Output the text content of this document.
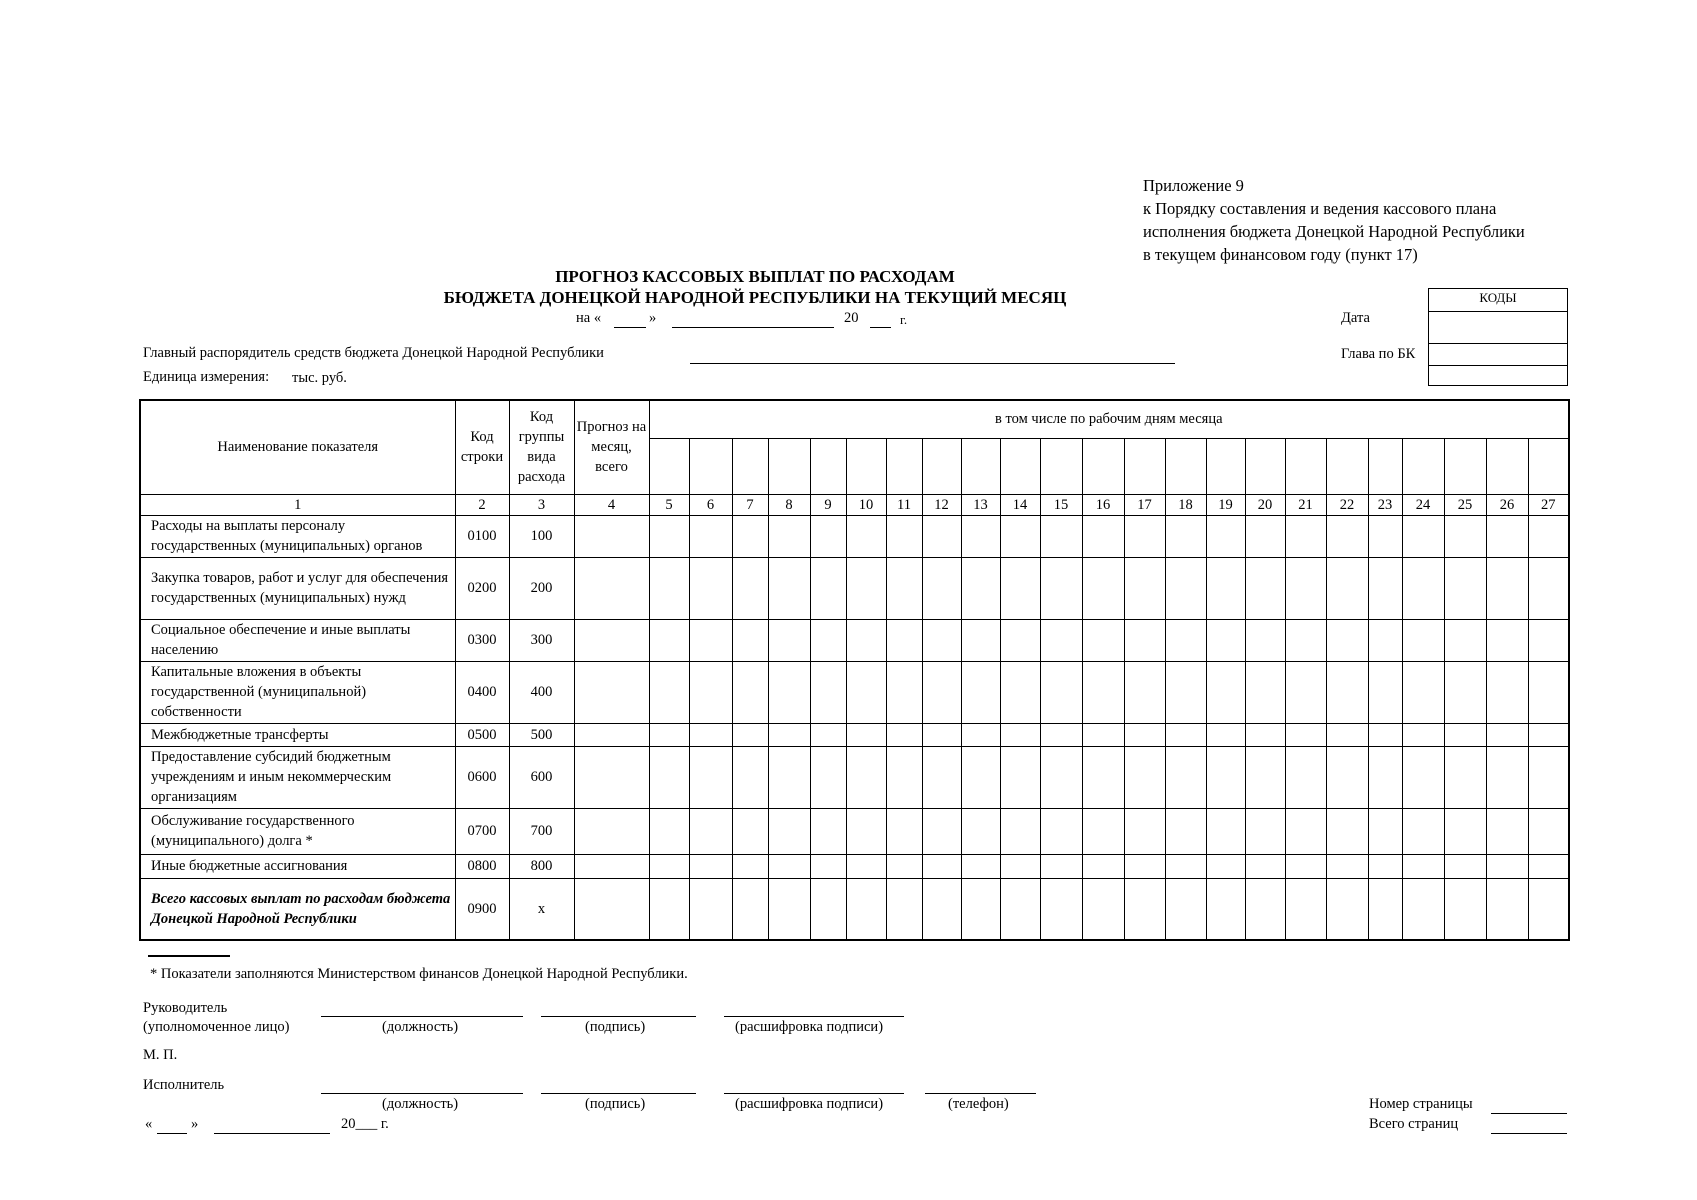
Приложение 9
к Порядку составления и ведения кассового плана
исполнения бюджета Донецкой Народной Республики
в текущем финансовом году (пункт 17)
ПРОГНОЗ КАССОВЫХ ВЫПЛАТ ПО РАСХОДАМ
БЮДЖЕТА ДОНЕЦКОЙ НАРОДНОЙ РЕСПУБЛИКИ НА ТЕКУЩИЙ МЕСЯЦ
на «	»	20	г.
КОДЫ
Дата
Глава по БК
Главный распорядитель средств бюджета Донецкой Народной Республики
Единица измерения: тыс. руб.
Наименование показателя	Код строки	Код группы вида расхода	Прогноз на месяц, всего	в том числе по рабочим дням месяца																						

1	2	3	4	5	6	7	8	9	10	11	12	13	14	15	16	17	18	19	20	21	22	23	24	25	26	27
Расходы на выплаты персоналу государственных (муниципальных) органов	0100	100																								
Закупка товаров, работ и услуг для обеспечения государственных (муниципальных) нужд	0200	200																								
Социальное обеспечение и иные выплаты населению	0300	300																								
Капитальные вложения в объекты государственной (муниципальной) собственности	0400	400																								
Межбюджетные трансферты	0500	500																								
Предоставление субсидий бюджетным учреждениям и иным некоммерческим организациям	0600	600																								
Обслуживание государственного (муниципального) долга *	0700	700																								
Иные бюджетные ассигнования	0800	800																								
Всего кассовых выплат по расходам бюджета Донецкой Народной Республики	0900	x																								
* Показатели заполняются Министерством финансов Донецкой Народной Республики.
Руководитель
(уполномоченное лицо)	(должность)	(подпись)	(расшифровка подписи)
М. П.
Исполнитель
(должность)	(подпись)	(расшифровка подписи)	(телефон)
«	»	20___ г.
Номер страницы
Всего страниц
